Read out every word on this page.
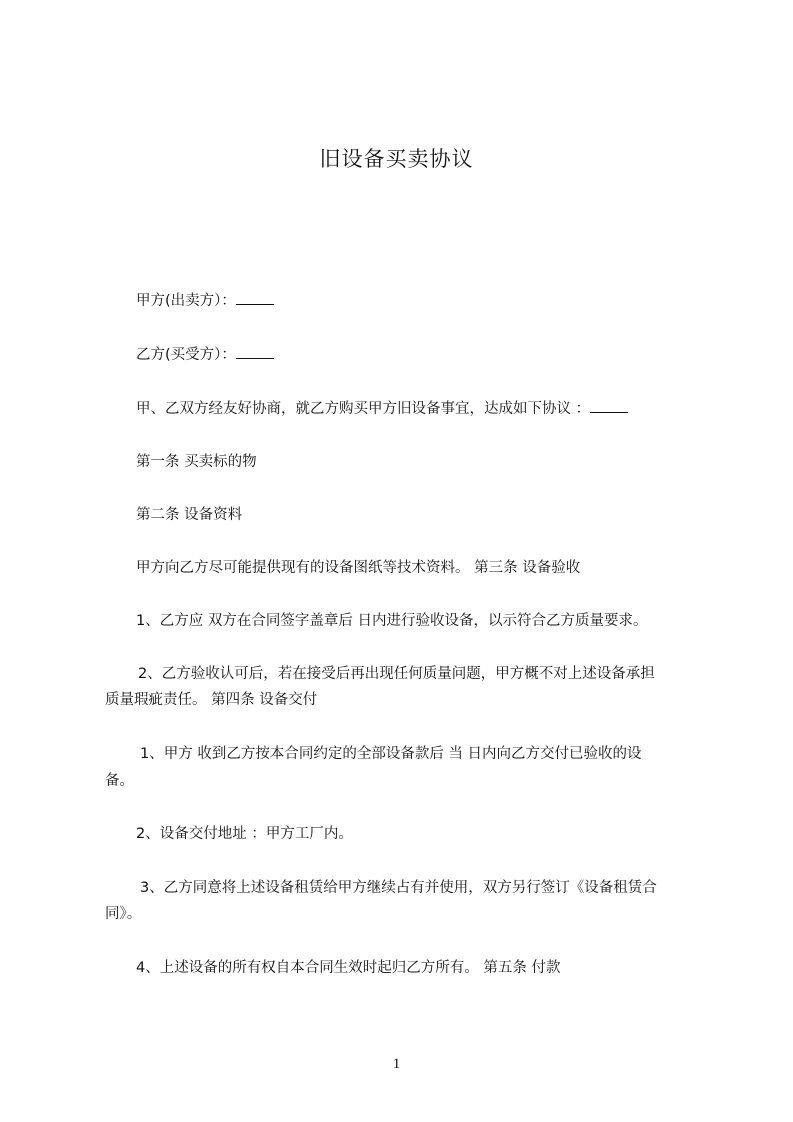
旧设备买卖协议
甲方(出卖方）：
乙方(买受方）：
甲、乙双方经友好协商，就乙方购买甲方旧设备事宜，达成如下协议 ：
第一条 买卖标的物
第二条 设备资料
甲方向乙方尽可能提供现有的设备图纸等技术资料。 第三条 设备验收
1、乙方应 双方在合同签字盖章后 日内进行验收设备，以示符合乙方质量要求。
2、乙方验收认可后，若在接受后再出现任何质量问题，甲方概不对上述设备承担
质量瑕疵责任。 第四条 设备交付
1、甲方 收到乙方按本合同约定的全部设备款后 当 日内向乙方交付已验收的设
备。
2、设备交付地址 ：甲方工厂内。
3、乙方同意将上述设备租赁给甲方继续占有并使用，双方另行签订《设备租赁合
同》。
4、上述设备的所有权自本合同生效时起归乙方所有。 第五条 付款
1
